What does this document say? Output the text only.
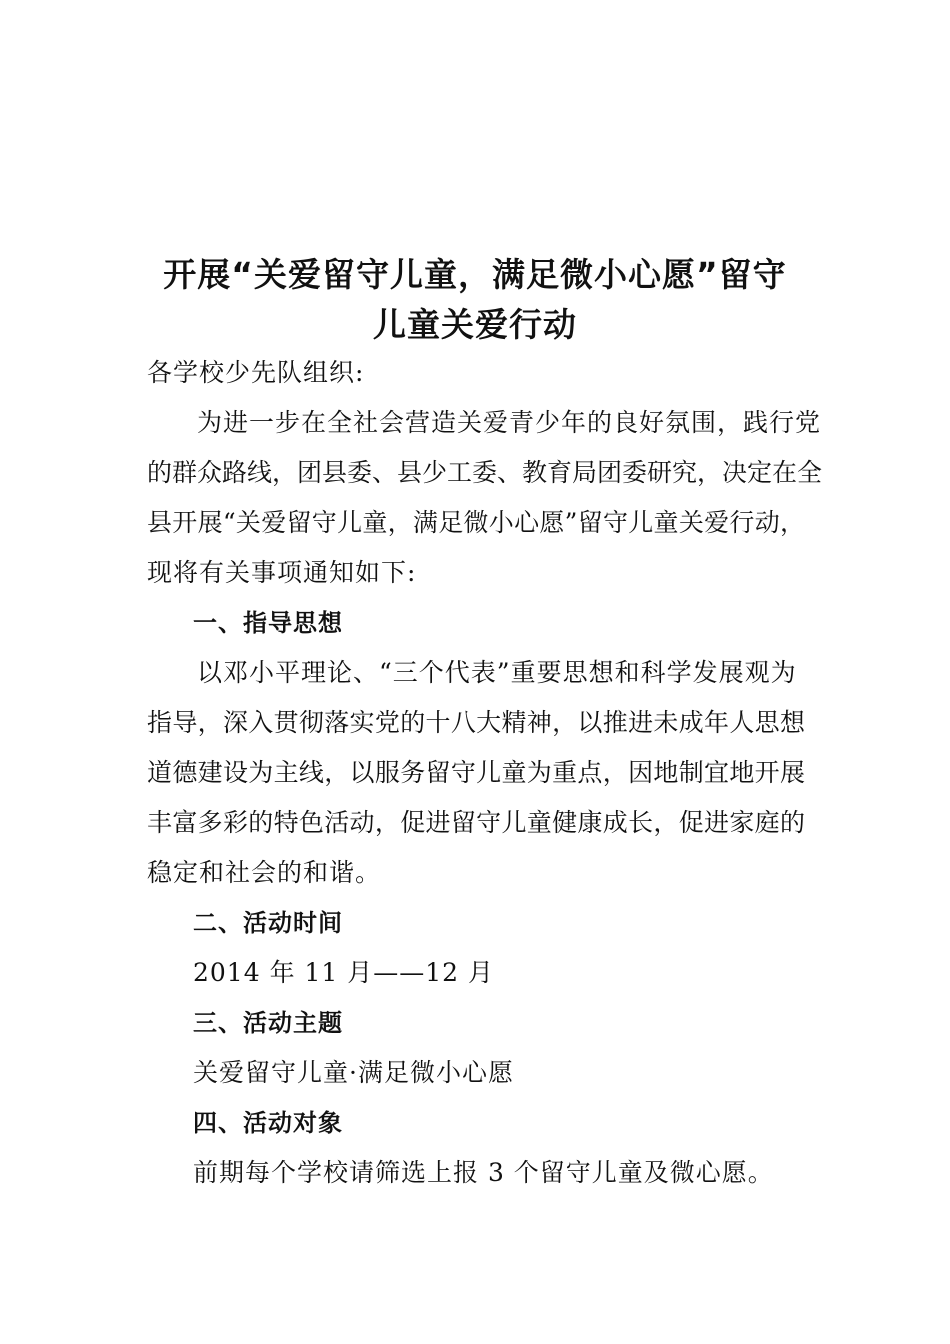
开展“关爱留守儿童，满足微小心愿”留守
儿童关爱行动
各学校少先队组织:
为进一步在全社会营造关爱青少年的良好氛围，践行党
的群众路线，团县委、县少工委、教育局团委研究，决定在全
县开展“关爱留守儿童，满足微小心愿”留守儿童关爱行动，
现将有关事项通知如下:
一、指导思想
以邓小平理论、“三个代表”重要思想和科学发展观为
指导，深入贯彻落实党的十八大精神，以推进未成年人思想
道德建设为主线，以服务留守儿童为重点，因地制宜地开展
丰富多彩的特色活动，促进留守儿童健康成长，促进家庭的
稳定和社会的和谐。
二、活动时间
2014 年 11 月——12 月
三、活动主题
关爱留守儿童·满足微小心愿
四、活动对象
前期每个学校请筛选上报 3 个留守儿童及微心愿。
